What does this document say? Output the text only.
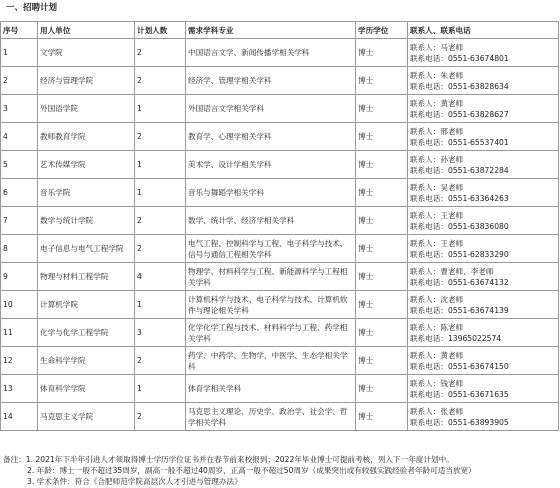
一、招聘计划
序号	用人单位	计划人数	需求学科专业	学历学位	联系人、联系电话
1	文学院	2	中国语言文学、新闻传播学相关学科	博士	联系人：马老师
联系电话：0551-63674801

2	经济与管理学院	2	经济学、管理学相关学科	博士	联系人：朱老师
联系电话：0551-63828634

3	外国语学院	1	外国语言文学相关学科	博士	联系人：黄老师
联系电话：0551-63828627

4	教师教育学院	2	教育学、心理学相关学科	博士	联系人：邢老师
联系电话：0551-65537401

5	艺术传媒学院	1	美术学、设计学相关学科	博士	联系人：孙老师
联系电话：0551-63872284

6	音乐学院	1	音乐与舞蹈学相关学科	博士	联系人：吴老师
联系电话：0551-63364263

7	数学与统计学院	2	数学、统计学、经济学相关学科	博士	联系人：王老师
联系电话：0551-63836080

8	电子信息与电气工程学院	2	电气工程、控制科学与工程、电子科学与技术、信号与通信工程相关学科	博士	联系人：王老师
联系电话：0551-62833290

9	物理与材料工程学院	4	物理学、材料科学与工程、新能源科学与工程相关学科	博士	联系人：曹老师、李老师
联系电话：0551-63674132

10	计算机学院	1	计算机科学与技术、电子科学与技术、计算机软件与理论相关学科	博士	联系人：沈老师
联系电话：0551-63674139

11	化学与化学工程学院	3	化学化学工程与技术、材料科学与工程、药学相关学科	博士	联系人：陈老师
联系电话：13965022574

12	生命科学学院	2	药学、中药学、生物学、中医学、生态学相关学科	博士	联系人：黄老师
联系电话：0551-63674150

13	体育科学学院	1	体育学相关学科	博士	联系人：钱老师
联系电话：0551-63671635

14	马克思主义学院	2	马克思主义理论、历史学、政治学、社会学、哲学相关学科	博士	联系人：张老师
联系电话：0551-63893905
备注：1. 2021年下半年引进人才须取得博士学历学位证书并在春节前来校报到；2022年毕业博士可提前考核，列入下一年度计划中。
2. 年龄：博士一般不超过35周岁，副高一般不超过40周岁，正高一般不超过50周岁（成果突出或有较强实践经验者年龄可适当放宽）
3. 学术条件：符合《合肥师范学院高层次人才引进与管理办法》
